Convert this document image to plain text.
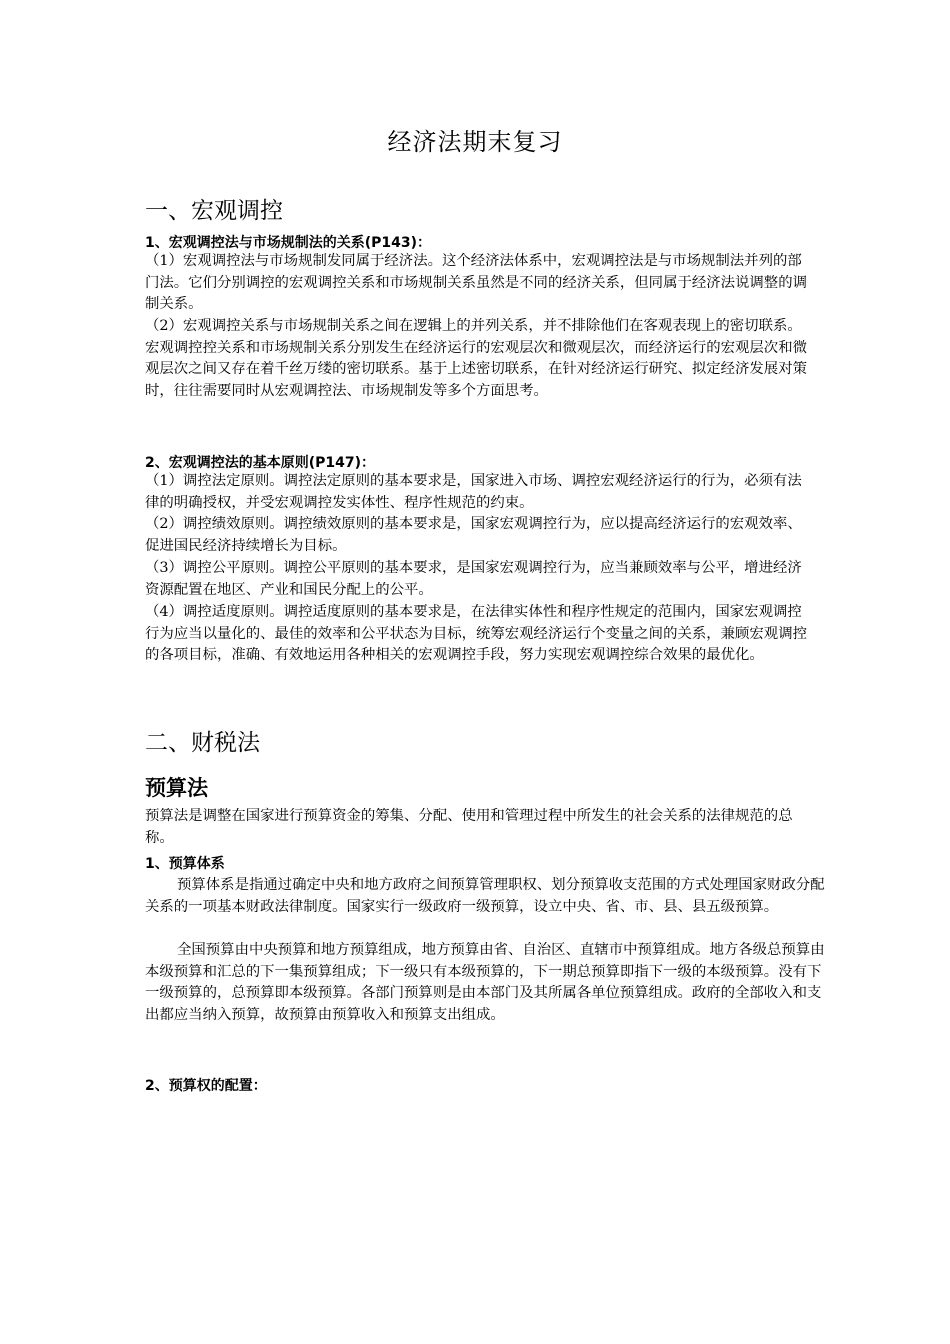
经济法期末复习
一、宏观调控
1、宏观调控法与市场规制法的关系(P143)：

（1）宏观调控法与市场规制发同属于经济法。这个经济法体系中，宏观调控法是与市场规制法并列的部门法。它们分别调控的宏观调控关系和市场规制关系虽然是不同的经济关系，但同属于经济法说调整的调制关系。

（2）宏观调控关系与市场规制关系之间在逻辑上的并列关系，并不排除他们在客观表现上的密切联系。宏观调控控关系和市场规制关系分别发生在经济运行的宏观层次和微观层次，而经济运行的宏观层次和微观层次之间又存在着千丝万缕的密切联系。基于上述密切联系，在针对经济运行研究、拟定经济发展对策时，往往需要同时从宏观调控法、市场规制发等多个方面思考。

2、宏观调控法的基本原则(P147)：

（1）调控法定原则。调控法定原则的基本要求是，国家进入市场、调控宏观经济运行的行为，必须有法律的明确授权，并受宏观调控发实体性、程序性规范的约束。

（2）调控绩效原则。调控绩效原则的基本要求是，国家宏观调控行为，应以提高经济运行的宏观效率、促进国民经济持续增长为目标。

（3）调控公平原则。调控公平原则的基本要求，是国家宏观调控行为，应当兼顾效率与公平，增进经济资源配置在地区、产业和国民分配上的公平。

（4）调控适度原则。调控适度原则的基本要求是，在法律实体性和程序性规定的范围内，国家宏观调控行为应当以量化的、最佳的效率和公平状态为目标，统筹宏观经济运行个变量之间的关系，兼顾宏观调控的各项目标，准确、有效地运用各种相关的宏观调控手段，努力实现宏观调控综合效果的最优化。

二、财税法
预算法

预算法是调整在国家进行预算资金的筹集、分配、使用和管理过程中所发生的社会关系的法律规范的总称。

1、预算体系

预算体系是指通过确定中央和地方政府之间预算管理职权、划分预算收支范围的方式处理国家财政分配关系的一项基本财政法律制度。国家实行一级政府一级预算，设立中央、省、市、县、县五级预算。

全国预算由中央预算和地方预算组成，地方预算由省、自治区、直辖市中预算组成。地方各级总预算由本级预算和汇总的下一集预算组成；下一级只有本级预算的，下一期总预算即指下一级的本级预算。没有下一级预算的，总预算即本级预算。各部门预算则是由本部门及其所属各单位预算组成。政府的全部收入和支出都应当纳入预算，故预算由预算收入和预算支出组成。

2、预算权的配置：
